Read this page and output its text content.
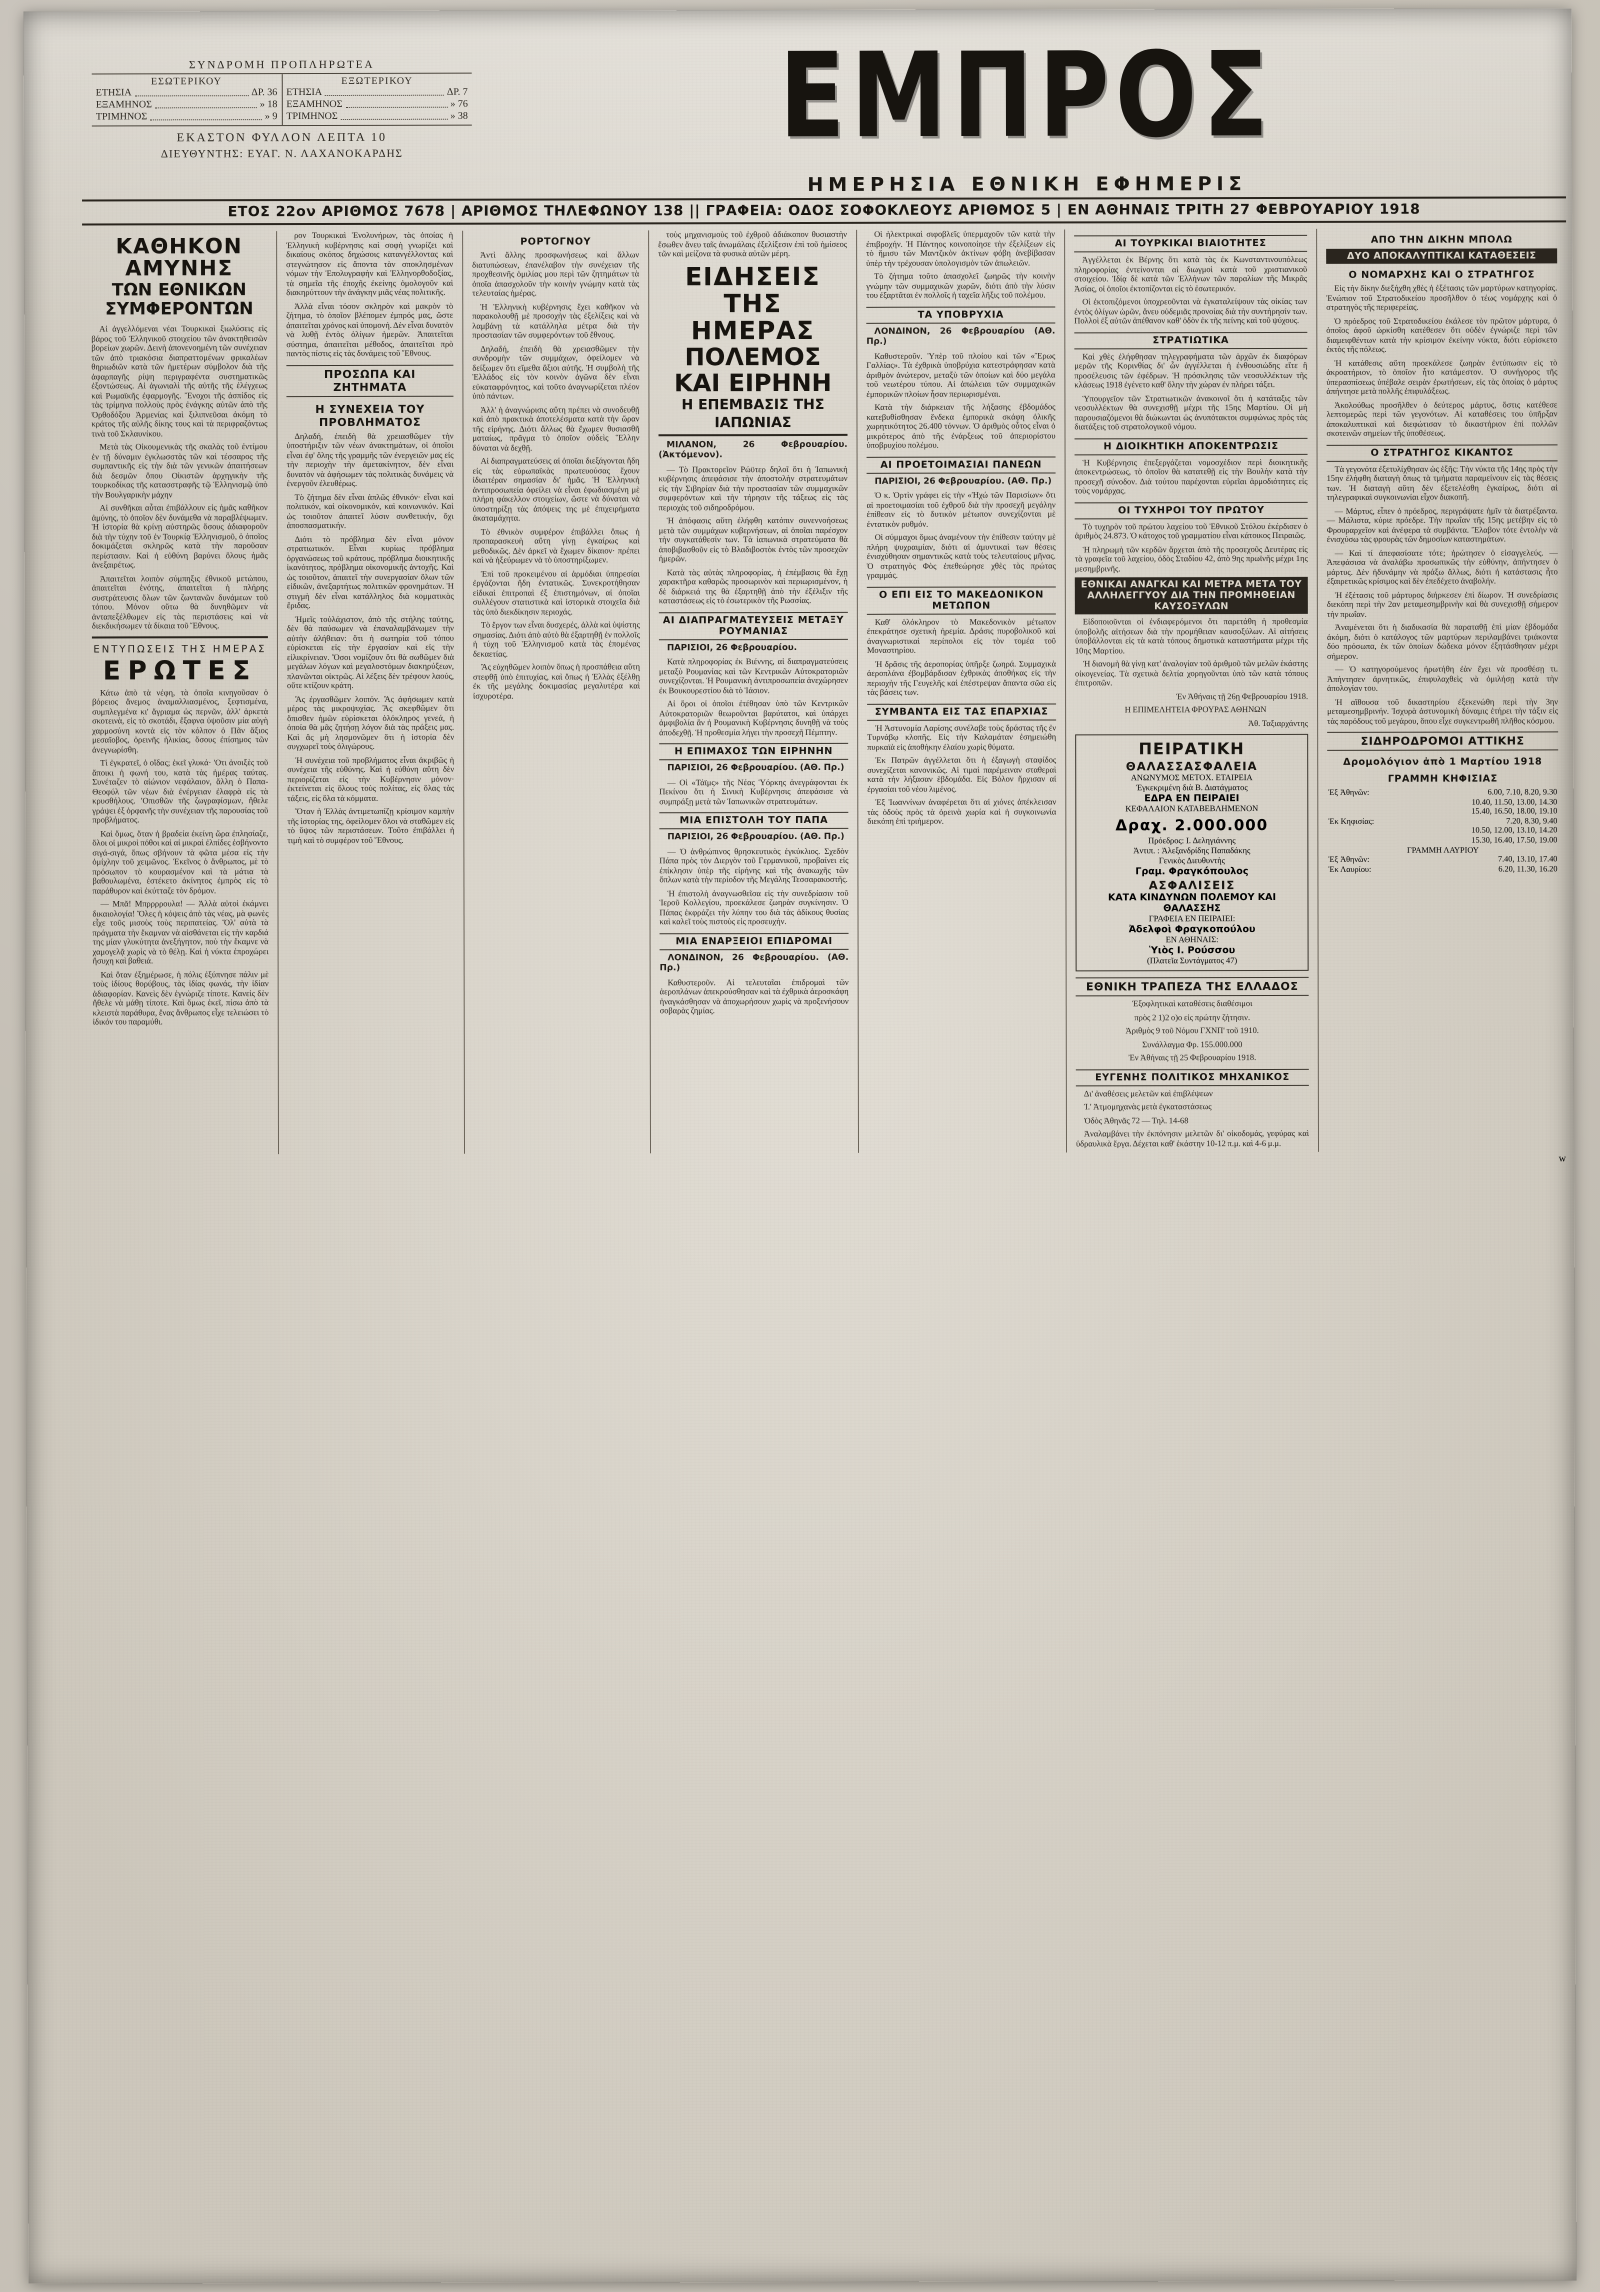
ΣΥΝΔΡΟΜΗ ΠΡΟΠΛΗΡΩΤΕΑ
ΕΣΩΤΕΡΙΚΟΥ
ΕΤΗΣΙΑ	ΔΡ. 36
ΕΞΑΜΗΝΟΣ	» 18
ΤΡΙΜΗΝΟΣ	» 9
ΕΞΩΤΕΡΙΚΟΥ
ΕΤΗΣΙΑ	ΔΡ. 7
ΕΞΑΜΗΝΟΣ	» 76
ΤΡΙΜΗΝΟΣ	» 38
ΕΚΑΣΤΟΝ ΦΥΛΛΟΝ ΛΕΠΤΑ 10
ΔΙΕΥΘΥΝΤΗΣ: ΕΥΑΓ. Ν. ΛΑΧΑΝΟΚΑΡΔΗΣ	ΕΜΠΡΟΣ
ΗΜΕΡΗΣΙΑ ΕΘΝΙΚΗ ΕΦΗΜΕΡΙΣ
ΕΤΟΣ 22ον ΑΡΙΘΜΟΣ 7678 | ΑΡΙΘΜΟΣ ΤΗΛΕΦΩΝΟΥ 138 || ΓΡΑΦΕΙΑ: ΟΔΟΣ ΣΟΦΟΚΛΕΟΥΣ ΑΡΙΘΜΟΣ 5 | ΕΝ ΑΘΗΝΑΙΣ ΤΡΙΤΗ 27 ΦΕΒΡΟΥΑΡΙΟΥ 1918
ΚΑΘΗΚΟΝ ΑΜΥΝΗΣ
ΤΩΝ ΕΘΝΙΚΩΝ ΣΥΜΦΕΡΟΝΤΩΝ

Αἱ ἀγγελλόμεναι νέαι Τουρκικαὶ ξιωλύσεις εἰς βάρος τοῦ Ἑλληνικοῦ στοιχείου τῶν ἀνακτηθεισῶν βορείων χωρῶν. Δεινὴ ἀπονενοημένη τῶν συνέχειαν τῶν ἀπὸ τριακόσια διαπραττομένων φρικαλέων θηριωδιῶν κατὰ τῶν ἡμετέρων σύμβολον διὰ τῆς ἀφαρπαγῆς ρίψη περιγραφέντα συστηματικῶς ἐξοντώσεως. Αἱ ἀγωνιαλὶ τῆς αὐτῆς τῆς ἐλέγχεως καὶ Ρωμαϊκῆς ἐφαρμογῆς. Ἔνοχοι τῆς ἀσπίδος εἰς τὰς τρίμηνα πολλοὺς πρὸς ἐνάγκης αὐτῶν ἀπὸ τῆς Ὀρθοδόξου Ἀρμενίας καὶ ξιλιπνεῦσαι ἀκόμη τὸ κράτος τῆς αὐλῆς δίκης τους καὶ τὰ περιφραζόντως τινὰ τοῦ Σκλαυνίκου.

Μετὰ τὰς Οἰκουμενικὰς τῆς σκαλὰς τοῦ ἐντίμου ἐν τῇ δύναμιν ἐγκλωσστὰς τῶν καὶ τέσσαρος τῆς συμπαντικῆς εἰς τὴν διὰ τῶν γενικῶν ἀπαιτήσεων διὰ δεσμῶν ὅπου Οἰκιστῶν ἀρχηγικὴν τῆς τουρκοδίκας τῆς κατασστραφῆς τῷ Ἑλληνισμῷ ὑπὸ τὴν Βουλγαρικὴν μάχην

Αἱ συνθῆκαι αὗται ἐπιβάλλουν εἰς ἡμᾶς καθῆκον ἀμύνης, τὸ ὁποῖον δὲν δυνάμεθα νὰ παραβλέψωμεν. Ἡ ἱστορία θὰ κρίνῃ αὐστηρῶς ὅσους ἀδιαφοροῦν διὰ τὴν τύχην τοῦ ἐν Τουρκίᾳ Ἑλληνισμοῦ, ὁ ὁποῖος δοκιμάζεται σκληρῶς κατὰ τὴν παροῦσαν περίστασιν. Καὶ ἡ εὐθύνη βαρύνει ὅλους ἡμᾶς ἀνεξαιρέτως.

Ἀπαιτεῖται λοιπὸν σύμπηξις ἐθνικοῦ μετώπου, ἀπαιτεῖται ἑνότης, ἀπαιτεῖται ἡ πλήρης συστράτευσις ὅλων τῶν ζωντανῶν δυνάμεων τοῦ τόπου. Μόνον οὕτω θὰ δυνηθῶμεν νὰ ἀνταπεξέλθωμεν εἰς τὰς περιστάσεις καὶ νὰ διεκδικήσωμεν τὰ δίκαια τοῦ Ἔθνους.

ΕΝΤΥΠΩΣΕΙΣ ΤΗΣ ΗΜΕΡΑΣ
ΕΡΩΤΕΣ

Κάτω ἀπὸ τὰ νέφη, τὰ ὁποῖα κινηγοῦσαν ὁ βόρειος ἄνεμος ἀναμαλλιασμένος, ξεφτισμένα, συμπλεγμένα κι' ἄγριαμα ὡς περνῶν, ἀλλ' ἀρκετὰ σκοτεινὰ, εἰς τὸ σκοτάδι, ἔξαφνα ὑψοῦσιν μία αὐγὴ χαρμοσύνη κοντὰ εἰς τὸν κόλπον ὁ Πᾶν ἄξιος μεσαῖοβος, ὀρεινῆς ἡλικίας, ὅσους ἐπίσημος τῶν ἀνεγνωρίσθη.

Τὶ ἐγκρατεῖ, ὁ οἴδας; ἐκεῖ γλυκά· 'Οτι ἀνοιξὲς τοῦ ἄποικι ἡ φωνή του, κατὰ τὰς ἡμέρας ταύτας. Συνέταζεν τὸ αἰώνιον νεφάλαιον, ἄλλη ὁ Παπα-Θεοφύλ τῶν νέων διὰ ἐνέργειαν ἐλαφρὰ εἰς τὰ κρυσθήλους. 'Οπισθῶν τῆς ζωγραφίσμων, ἤθελε γράψει ἐξ ὁρφανῆς τὴν συνέχειαν τῆς παρουσίας τοῦ προβλήματος.

Καὶ ὅμως, ὅταν ἡ βραδεία ἐκείνη ὥρα ἐπλησίαζε, ὅλοι οἱ μικροὶ πόθοι καὶ αἱ μικραὶ ἐλπίδες ἐσβήνοντο σιγά-σιγά, ὅπως σβήνουν τὰ φῶτα μέσα εἰς τὴν ὁμίχλην τοῦ χειμῶνος. Ἐκεῖνος ὁ ἄνθρωπος, μὲ τὸ πρόσωπον τὸ κουρασμένον καὶ τὰ μάτια τὰ βαθουλωμένα, ἐστέκετο ἀκίνητος ἐμπρὸς εἰς τὸ παράθυρον καὶ ἐκύτταζε τὸν δρόμον.

— Μπᾶ! Μπρρρρουλα! — Ἀλλὰ αὐτοὶ ἐκάμνει δικαιολογία! Ὅλες ἡ κόψεις ἀπὸ τὰς νέας, μὰ φωνὲς εἶχε τοῦς μισοὺς τοὺς περιπατείας. Ὅλ' αὐτὰ τὰ πράγματα τὴν ἔκαμναν νὰ αἰσθάνεται εἰς τὴν καρδιά της μίαν γλυκύτητα ἀνεξήγητον, ποὺ τὴν ἔκαμνε νὰ χαμογελᾷ χωρὶς νὰ τὸ θέλῃ. Καὶ ἡ νύκτα ἐπροχώρει ἥσυχη καὶ βαθειά.

Καὶ ὅταν ἐξημέρωσε, ἡ πόλις ἐξύπνησε πάλιν μὲ τοὺς ἰδίους θορύβους, τὰς ἰδίας φωνάς, τὴν ἰδίαν ἀδιαφορίαν. Κανεὶς δὲν ἐγνώριζε τίποτε. Κανεὶς δὲν ἤθελε νὰ μάθῃ τίποτε. Καὶ ὅμως ἐκεῖ, πίσω ἀπὸ τὰ κλειστὰ παράθυρα, ἕνας ἄνθρωπος εἶχε τελειώσει τὸ ἰδικόν του παραμύθι.

ρον Τουρκικαὶ Ἑνολυνήρων, τὰς ὁποίας ἡ Ἑλληνικὴ κυβέρνησις καὶ σοφὴ γνωρίζει καὶ δικαίους σκόπος δηχώσοις κατανγέλλοντας καὶ στεγνώτησον εἰς ἄποντα τὰν σποκλησμένων νόμων τὴν Ἑπολυγραφὴν καὶ Ἑλληνορθοδοξίας, τὰ σημεῖα τῆς ἐποχῆς ἐκείνης ὁμολογοῦν καὶ διακηρύττουν τὴν ἀνάγκην μιᾶς νέας πολιτικῆς.

Ἀλλὰ εἶναι τόσον σκληρὸν καὶ μακρὸν τὸ ζήτημα, τὸ ὁποῖον βλέπομεν ἐμπρός μας, ὥστε ἀπαιτεῖται χρόνος καὶ ὑπομονή. Δὲν εἶναι δυνατὸν νὰ λυθῇ ἐντὸς ὀλίγων ἡμερῶν. Ἀπαιτεῖται σύστημα, ἀπαιτεῖται μέθοδος, ἀπαιτεῖται πρὸ παντὸς πίστις εἰς τὰς δυνάμεις τοῦ Ἔθνους.

ΠΡΟΣΩΠΑ ΚΑΙ ΖΗΤΗΜΑΤΑ
Η ΣΥΝΕΧΕΙΑ ΤΟΥ ΠΡΟΒΛΗΜΑΤΟΣ

Δηλαδή, ἐπειδὴ θὰ χρειασθῶμεν τὴν ὑποστήριξιν τῶν νέων ἀνακτημάτων, οἱ ὁποῖοι εἶναι ἐφ' ὅλης τῆς γραμμῆς τῶν ἐνεργειῶν μας εἰς τὴν περιοχὴν τὴν ἀμετακίνητον, δὲν εἶναι δυνατὸν νὰ ἀφήσωμεν τὰς πολιτικὰς δυνάμεις νὰ ἐνεργοῦν ἐλευθέρως.

Τὸ ζήτημα δὲν εἶναι ἁπλῶς ἐθνικόν· εἶναι καὶ πολιτικόν, καὶ οἰκονομικόν, καὶ κοινωνικόν. Καὶ ὡς τοιοῦτον ἀπαιτεῖ λύσιν συνθετικήν, ὄχι ἀποσπασματικήν.

Διότι τὸ πρόβλημα δὲν εἶναι μόνον στρατιωτικόν. Εἶναι κυρίως πρόβλημα ὀργανώσεως τοῦ κράτους, πρόβλημα διοικητικῆς ἱκανότητος, πρόβλημα οἰκονομικῆς ἀντοχῆς. Καὶ ὡς τοιοῦτον, ἀπαιτεῖ τὴν συνεργασίαν ὅλων τῶν εἰδικῶν, ἀνεξαρτήτως πολιτικῶν φρονημάτων. Ἡ στιγμὴ δὲν εἶναι κατάλληλος διὰ κομματικὰς ἔριδας.

Ἡμεῖς τοὐλάχιστον, ἀπὸ τῆς στήλης ταύτης, δὲν θὰ παύσωμεν νὰ ἐπαναλαμβάνωμεν τὴν αὐτὴν ἀλήθειαν: ὅτι ἡ σωτηρία τοῦ τόπου εὑρίσκεται εἰς τὴν ἐργασίαν καὶ εἰς τὴν εἰλικρίνειαν. Ὅσοι νομίζουν ὅτι θὰ σωθῶμεν διὰ μεγάλων λόγων καὶ μεγαλοστόμων διακηρύξεων, πλανῶνται οἰκτρῶς. Αἱ λέξεις δὲν τρέφουν λαούς, οὔτε κτίζουν κράτη.

Ἂς ἐργασθῶμεν λοιπόν. Ἂς ἀφήσωμεν κατὰ μέρος τὰς μικροψυχίας. Ἂς σκεφθῶμεν ὅτι ὄπισθεν ἡμῶν εὑρίσκεται ὁλόκληρος γενεά, ἡ ὁποία θὰ μᾶς ζητήσῃ λόγον διὰ τὰς πράξεις μας. Καὶ ἂς μὴ λησμονῶμεν ὅτι ἡ ἱστορία δὲν συγχωρεῖ τοὺς ὀλιγώρους.

Ἡ συνέχεια τοῦ προβλήματος εἶναι ἀκριβῶς ἡ συνέχεια τῆς εὐθύνης. Καὶ ἡ εὐθύνη αὕτη δὲν περιορίζεται εἰς τὴν Κυβέρνησιν μόνον· ἐκτείνεται εἰς ὅλους τοὺς πολίτας, εἰς ὅλας τὰς τάξεις, εἰς ὅλα τὰ κόμματα.

Ὅταν ἡ Ἑλλὰς ἀντιμετωπίζῃ κρίσιμον καμπὴν τῆς ἱστορίας της, ὀφείλομεν ὅλοι νὰ σταθῶμεν εἰς τὸ ὕψος τῶν περιστάσεων. Τοῦτο ἐπιβάλλει ἡ τιμὴ καὶ τὸ συμφέρον τοῦ Ἔθνους.

ΡΟΡΤΟΓΝΟΥ

Ἀντὶ ἄλλης προσφωνήσεως καὶ ἄλλων διατυπώσεων, ἐπανέλαβον τὴν συνέχειαν τῆς προχθεσινῆς ὁμιλίας μου περὶ τῶν ζητημάτων τὰ ὁποῖα ἀπασχολοῦν τὴν κοινὴν γνώμην κατὰ τὰς τελευταίας ἡμέρας.

Ἡ Ἑλληνικὴ κυβέρνησις ἔχει καθῆκον νὰ παρακολουθῇ μὲ προσοχὴν τὰς ἐξελίξεις καὶ νὰ λαμβάνῃ τὰ κατάλληλα μέτρα διὰ τὴν προστασίαν τῶν συμφερόντων τοῦ ἔθνους.

Δηλαδή, ἐπειδὴ θὰ χρειασθῶμεν τὴν συνδρομὴν τῶν συμμάχων, ὀφείλομεν νὰ δείξωμεν ὅτι εἴμεθα ἄξιοι αὐτῆς. Ἡ συμβολὴ τῆς Ἑλλάδος εἰς τὸν κοινὸν ἀγῶνα δὲν εἶναι εὐκαταφρόνητος, καὶ τοῦτο ἀναγνωρίζεται πλέον ὑπὸ πάντων.

Ἀλλ' ἡ ἀναγνώρισις αὕτη πρέπει νὰ συνοδευθῇ καὶ ἀπὸ πρακτικὰ ἀποτελέσματα κατὰ τὴν ὥραν τῆς εἰρήνης. Διότι ἄλλως θὰ ἔχωμεν θυσιασθῆ ματαίως, πρᾶγμα τὸ ὁποῖον οὐδεὶς Ἕλλην δύναται νὰ δεχθῇ.

Αἱ διαπραγματεύσεις αἱ ὁποῖαι διεξάγονται ἤδη εἰς τὰς εὐρωπαϊκὰς πρωτευούσας ἔχουν ἰδιαιτέραν σημασίαν δι' ἡμᾶς. Ἡ Ἑλληνικὴ ἀντιπροσωπεία ὀφείλει νὰ εἶναι ἐφωδιασμένη μὲ πλήρη φάκελλον στοιχείων, ὥστε νὰ δύναται νὰ ὑποστηρίξῃ τὰς ἀπόψεις της μὲ ἐπιχειρήματα ἀκαταμάχητα.

Τὸ ἐθνικὸν συμφέρον ἐπιβάλλει ὅπως ἡ προπαρασκευὴ αὕτη γίνῃ ἐγκαίρως καὶ μεθοδικῶς. Δὲν ἀρκεῖ νὰ ἔχωμεν δίκαιον· πρέπει καὶ νὰ ἠξεύρωμεν νὰ τὸ ὑποστηρίξωμεν.

Ἐπὶ τοῦ προκειμένου αἱ ἁρμόδιαι ὑπηρεσίαι ἐργάζονται ἤδη ἐντατικῶς. Συνεκροτήθησαν εἰδικαὶ ἐπιτροπαὶ ἐξ ἐπιστημόνων, αἱ ὁποῖαι συλλέγουν στατιστικὰ καὶ ἱστορικὰ στοιχεῖα διὰ τὰς ὑπὸ διεκδίκησιν περιοχάς.

Τὸ ἔργον των εἶναι δυσχερές, ἀλλὰ καὶ ὑψίστης σημασίας. Διότι ἀπὸ αὐτὸ θὰ ἐξαρτηθῇ ἐν πολλοῖς ἡ τύχη τοῦ Ἑλληνισμοῦ κατὰ τὰς ἑπομένας δεκαετίας.

Ἂς εὐχηθῶμεν λοιπὸν ὅπως ἡ προσπάθεια αὕτη στεφθῇ ὑπὸ ἐπιτυχίας, καὶ ὅπως ἡ Ἑλλὰς ἐξέλθῃ ἐκ τῆς μεγάλης δοκιμασίας μεγαλυτέρα καὶ ἰσχυροτέρα.

τοὺς μηχανισμοὺς τοῦ ἐχθροῦ ἀδιάκοπον θυσιαστὴν ἔσωθεν ἄνευ ταῖς ἀνωμάλαις ἐξελίξεσιν ἐπὶ τοῦ ἡμίσεος τῶν καὶ μείζονα τὰ φυσικὰ αὐτῶν μέρη.

ΕΙΔΗΣΕΙΣ ΤΗΣ ΗΜΕΡΑΣ
ΠΟΛΕΜΟΣ ΚΑΙ ΕΙΡΗΝΗ
Η ΕΠΕΜΒΑΣΙΣ ΤΗΣ ΙΑΠΩΝΙΑΣ

ΜΙΛΑΝΟΝ, 26 Φεβρουαρίου. (Ἀκτόμενον).

— Τὸ Πρακτορεῖον Ρώϋτερ δηλοῖ ὅτι ἡ Ἰαπωνικὴ κυβέρνησις ἀπεφάσισε τὴν ἀποστολὴν στρατευμάτων εἰς τὴν Σιβηρίαν διὰ τὴν προστασίαν τῶν συμμαχικῶν συμφερόντων καὶ τὴν τήρησιν τῆς τάξεως εἰς τὰς περιοχὰς τοῦ σιδηροδρόμου.

Ἡ ἀπόφασις αὕτη ἐλήφθη κατόπιν συνεννοήσεως μετὰ τῶν συμμάχων κυβερνήσεων, αἱ ὁποῖαι παρέσχον τὴν συγκατάθεσίν των. Τὰ ἰαπωνικὰ στρατεύματα θὰ ἀποβιβασθοῦν εἰς τὸ Βλαδιβοστὸκ ἐντὸς τῶν προσεχῶν ἡμερῶν.

Κατὰ τὰς αὐτὰς πληροφορίας, ἡ ἐπέμβασις θὰ ἔχῃ χαρακτῆρα καθαρῶς προσωρινὸν καὶ περιωρισμένον, ἡ δὲ διάρκειά της θὰ ἐξαρτηθῇ ἀπὸ τὴν ἐξέλιξιν τῆς καταστάσεως εἰς τὸ ἐσωτερικὸν τῆς Ρωσσίας.

ΑΙ ΔΙΑΠΡΑΓΜΑΤΕΥΣΕΙΣ ΜΕΤΑΞΥ ΡΟΥΜΑΝΙΑΣ

ΠΑΡΙΣΙΟΙ, 26 Φεβρουαρίου.

Κατὰ πληροφορίας ἐκ Βιέννης, αἱ διαπραγματεύσεις μεταξὺ Ρουμανίας καὶ τῶν Κεντρικῶν Αὐτοκρατοριῶν συνεχίζονται. Ἡ Ρουμανικὴ ἀντιπροσωπεία ἀνεχώρησεν ἐκ Βουκουρεστίου διὰ τὸ Ἰάσιον.

Αἱ ὅροι οἱ ὁποῖοι ἐτέθησαν ὑπὸ τῶν Κεντρικῶν Αὐτοκρατοριῶν θεωροῦνται βαρύτατοι, καὶ ὑπάρχει ἀμφιβολία ἂν ἡ Ρουμανικὴ Κυβέρνησις δυνηθῇ νὰ τοὺς ἀποδεχθῇ. Ἡ προθεσμία λήγει τὴν προσεχῆ Πέμπτην.

Η ΕΠΙΜΑΧΟΣ ΤΩΝ ΕΙΡΗΝΗΝ

ΠΑΡΙΣΙΟΙ, 26 Φεβρουαρίου. (ΑΘ. Πρ.)

— Οἱ «Τάϊμς» τῆς Νέας Ὑόρκης ἀνεγράφονται ἐκ Πεκίνου ὅτι ἡ Σινικὴ Κυβέρνησις ἀπεφάσισε νὰ συμπράξῃ μετὰ τῶν Ἰαπωνικῶν στρατευμάτων.

ΜΙΑ ΕΠΙΣΤΟΛΗ ΤΟΥ ΠΑΠΑ

ΠΑΡΙΣΙΟΙ, 26 Φεβρουαρίου. (ΑΘ. Πρ.)

— Ὁ ἀνθρώπινος θρησκευτικὸς ἐγκύκλιος. Σχεδὸν Πάπα πρὸς τὸν Διεργὸν τοῦ Γερμανικοῦ, προβαίνει εἰς ἐπίκλησιν ὑπὲρ τῆς εἰρήνης καὶ τῆς ἀνακωχῆς τῶν ὅπλων κατὰ τὴν περίοδον τῆς Μεγάλης Τεσσαρακοστῆς.

Ἡ ἐπιστολὴ ἀναγνωσθεῖσα εἰς τὴν συνεδρίασιν τοῦ Ἱεροῦ Κολλεγίου, προεκάλεσε ζωηρὰν συγκίνησιν. Ὁ Πάπας ἐκφράζει τὴν λύπην του διὰ τὰς ἀδίκους θυσίας καὶ καλεῖ τοὺς πιστοὺς εἰς προσευχήν.

ΜΙΑ ΕΝΑΡΞΕΙΟΙ ΕΠΙΔΡΟΜΑΙ

ΛΟΝΔΙΝΟΝ, 26 Φεβρουαρίου. (ΑΘ. Πρ.)

Καθυστεροῦν. Αἱ τελευταῖαι ἐπιδρομαὶ τῶν ἀεροπλάνων ἀπεκρούσθησαν καὶ τὰ ἐχθρικὰ ἀεροσκάφη ἠναγκάσθησαν νὰ ἀποχωρήσουν χωρὶς νὰ προξενήσουν σοβαρὰς ζημίας.

Οἱ ἡλεκτρικαὶ σιφοβλεῖς ὑπερμαχοῦν τῶν κατὰ τὴν ἐπιβροχήν. Ἡ Πάντηος κοινοποίησε τὴν ἐξελίξεων εἰς τὸ ἥμισυ τῶν Μαντζικὸν ἀκτίνων φόβη ἀνεβίβασαν ὑπὲρ τὴν τρέχουσαν ὑπολογισμὸν τῶν ἀπωλειῶν.

Τὸ ζήτημα τοῦτο ἀπασχολεῖ ζωηρῶς τὴν κοινὴν γνώμην τῶν συμμαχικῶν χωρῶν, διότι ἀπὸ τὴν λύσιν του ἐξαρτᾶται ἐν πολλοῖς ἡ ταχεῖα λῆξις τοῦ πολέμου.

ΤΑ ΥΠΟΒΡΥΧΙΑ

ΛΟΝΔΙΝΟΝ, 26 Φεβρουαρίου (ΑΘ. Πρ.)

Καθυστεροῦν. Ὑπὲρ τοῦ πλοίου καὶ τῶν «Ἔρως Γαλλίας». Τὰ ἐχθρικὰ ὑποβρύχια κατεστράφησαν κατὰ ἀριθμὸν ἀνώτερον, μεταξὺ τῶν ὁποίων καὶ δύο μεγάλα τοῦ νεωτέρου τύπου. Αἱ ἀπώλειαι τῶν συμμαχικῶν ἐμπορικῶν πλοίων ἦσαν περιωρισμέναι.

Κατὰ τὴν διάρκειαν τῆς λήξασης ἑβδομάδος κατεβυθίσθησαν ἕνδεκα ἐμπορικὰ σκάφη ὁλικῆς χωρητικότητος 26.400 τόννων. Ὁ ἀριθμὸς οὗτος εἶναι ὁ μικρότερος ἀπὸ τῆς ἐνάρξεως τοῦ ἀπεριορίστου ὑποβρυχίου πολέμου.

ΑΙ ΠΡΟΕΤΟΙΜΑΣΙΑΙ ΠΑΝΕΩΝ

ΠΑΡΙΣΙΟΙ, 26 Φεβρουαρίου. (ΑΘ. Πρ.)

Ὁ κ. Ὀρτὶν γράφει εἰς τὴν «Ἠχώ τῶν Παρισίων» ὅτι αἱ προετοιμασίαι τοῦ ἐχθροῦ διὰ τὴν προσεχῆ μεγάλην ἐπίθεσιν εἰς τὸ δυτικὸν μέτωπον συνεχίζονται μὲ ἐντατικὸν ρυθμόν.

Οἱ σύμμαχοι ὅμως ἀναμένουν τὴν ἐπίθεσιν ταύτην μὲ πλήρη ψυχραιμίαν, διότι αἱ ἀμυντικαὶ των θέσεις ἐνισχύθησαν σημαντικῶς κατὰ τοὺς τελευταίους μῆνας. Ὁ στρατηγὸς Φὸς ἐπεθεώρησε χθὲς τὰς πρώτας γραμμάς.

Ο ΕΠΙ ΕΙΣ ΤΟ ΜΑΚΕΔΟΝΙΚΟΝ ΜΕΤΩΠΟΝ

Καθ' ὁλόκληρον τὸ Μακεδονικὸν μέτωπον ἐπεκράτησε σχετικὴ ἠρεμία. Δράσις πυροβολικοῦ καὶ ἀναγνωριστικαὶ περίπολοι εἰς τὸν τομέα τοῦ Μοναστηρίου.

Ἡ δρᾶσις τῆς ἀεροπορίας ὑπῆρξε ζωηρά. Συμμαχικὰ ἀεροπλάνα ἐβομβάρδισαν ἐχθρικὰς ἀποθήκας εἰς τὴν περιοχὴν τῆς Γευγελῆς καὶ ἐπέστρεψαν ἅπαντα σῶα εἰς τὰς βάσεις των.

ΣΥΜΒΑΝΤΑ ΕΙΣ ΤΑΣ ΕΠΑΡΧΙΑΣ

Ἡ Ἀστυνομία Λαρίσης συνέλαβε τοὺς δράστας τῆς ἐν Τυρνάβῳ κλοπῆς. Εἰς τὴν Καλαμάταν ἐσημειώθη πυρκαϊὰ εἰς ἀποθήκην ἐλαίου χωρὶς θύματα.

Ἐκ Πατρῶν ἀγγέλλεται ὅτι ἡ ἐξαγωγὴ σταφίδος συνεχίζεται κανονικῶς. Αἱ τιμαὶ παρέμειναν σταθεραὶ κατὰ τὴν λήξασαν ἑβδομάδα. Εἰς Βόλον ἤρχισαν αἱ ἐργασίαι τοῦ νέου λιμένος.

Ἐξ Ἰωαννίνων ἀναφέρεται ὅτι αἱ χιόνες ἀπέκλεισαν τὰς ὁδοὺς πρὸς τὰ ὀρεινὰ χωρία καὶ ἡ συγκοινωνία διεκόπη ἐπὶ τριήμερον.

ΑΙ ΤΟΥΡΚΙΚΑΙ ΒΙΑΙΟΤΗΤΕΣ

Ἀγγέλλεται ἐκ Βέρνης ὅτι κατὰ τὰς ἐκ Κωνσταντινουπόλεως πληροφορίας ἐντείνονται αἱ διωγμοὶ κατὰ τοῦ χριστιανικοῦ στοιχείου. Ἰδίᾳ δὲ κατὰ τῶν Ἑλλήνων τῶν παραλίων τῆς Μικρᾶς Ἀσίας, οἱ ὁποῖοι ἐκτοπίζονται εἰς τὸ ἐσωτερικόν.

Οἱ ἐκτοπιζόμενοι ὑποχρεοῦνται νὰ ἐγκαταλείψουν τὰς οἰκίας των ἐντὸς ὀλίγων ὡρῶν, ἄνευ οὐδεμιᾶς προνοίας διὰ τὴν συντήρησίν των. Πολλοὶ ἐξ αὐτῶν ἀπέθανον καθ' ὁδὸν ἐκ τῆς πείνης καὶ τοῦ ψύχους.

ΣΤΡΑΤΙΩΤΙΚΑ

Καὶ χθὲς ἐλήφθησαν τηλεγραφήματα τῶν ἀρχῶν ἐκ διαφόρων μερῶν τῆς Κορινθίας δι' ὧν ἀγγέλλεται ἡ ἐνθουσιώδης εἴτε ἢ προσέλευσις τῶν ἐφέδρων. Ἡ πρόσκλησις τῶν νεοσυλλέκτων τῆς κλάσεως 1918 ἐγένετο καθ' ὅλην τὴν χώραν ἐν πλήρει τάξει.

Ὑπουργεῖον τῶν Στρατιωτικῶν ἀνακοινοῖ ὅτι ἡ κατάταξις τῶν νεοσυλλέκτων θὰ συνεχισθῇ μέχρι τῆς 15ης Μαρτίου. Οἱ μὴ παρουσιαζόμενοι θὰ διώκωνται ὡς ἀνυπότακτοι συμφώνως πρὸς τὰς διατάξεις τοῦ στρατολογικοῦ νόμου.

Η ΔΙΟΙΚΗΤΙΚΗ ΑΠΟΚΕΝΤΡΩΣΙΣ

Ἡ Κυβέρνησις ἐπεξεργάζεται νομοσχέδιον περὶ διοικητικῆς ἀποκεντρώσεως, τὸ ὁποῖον θὰ κατατεθῇ εἰς τὴν Βουλὴν κατὰ τὴν προσεχῆ σύνοδον. Διὰ τούτου παρέχονται εὐρεῖαι ἁρμοδιότητες εἰς τοὺς νομάρχας.

ΟΙ ΤΥΧΗΡΟΙ ΤΟΥ ΠΡΩΤΟΥ

Τὸ τυχηρὸν τοῦ πρώτου λαχείου τοῦ Ἐθνικοῦ Στόλου ἐκέρδισεν ὁ ἀριθμὸς 24.873. Ὁ κάτοχος τοῦ γραμματίου εἶναι κάτοικος Πειραιῶς.

Ἡ πληρωμὴ τῶν κερδῶν ἄρχεται ἀπὸ τῆς προσεχοῦς Δευτέρας εἰς τὰ γραφεῖα τοῦ λαχείου, ὁδὸς Σταδίου 42, ἀπὸ 9ης πρωϊνῆς μέχρι 1ης μεσημβρινῆς.

ΕΘΝΙΚΑΙ ΑΝΑΓΚΑΙ ΚΑΙ ΜΕΤΡΑ ΜΕΤΑ ΤΟΥ ΑΛΛΗΛΕΓΓΥΟΥ ΔΙΑ ΤΗΝ ΠΡΟΜΗΘΕΙΑΝ ΚΑΥΣΟΞΥΛΩΝ

Εἰδοποιοῦνται οἱ ἐνδιαφερόμενοι ὅτι παρετάθη ἡ προθεσμία ὑποβολῆς αἰτήσεων διὰ τὴν προμήθειαν καυσοξύλων. Αἱ αἰτήσεις ὑποβάλλονται εἰς τὰ κατὰ τόπους δημοτικὰ καταστήματα μέχρι τῆς 10ης Μαρτίου.

Ἡ διανομὴ θὰ γίνῃ κατ' ἀναλογίαν τοῦ ἀριθμοῦ τῶν μελῶν ἑκάστης οἰκογενείας. Τὰ σχετικὰ δελτία χορηγοῦνται ὑπὸ τῶν κατὰ τόπους ἐπιτροπῶν.

Ἐν Ἀθήναις τῇ 26ῃ Φεβρουαρίου 1918.

Η ΕΠΙΜΕΛΗΤΕΙΑ ΦΡΟΥΡΑΣ ΑΘΗΝΩΝ

Ἀθ. Ταξιαρχάντης

ΠΕΙΡΑΤΙΚΗ
ΘΑΛΑΣΣΑΣΦΑΛΕΙΑ
ΑΝΩΝΥΜΟΣ ΜΕΤΟΧ. ΕΤΑΙΡΕΙΑ
Ἐγκεκριμένη διὰ Β. Διατάγματος
ΕΔΡΑ ΕΝ ΠΕΙΡΑΙΕΙ
ΚΕΦΑΛΑΙΟΝ ΚΑΤΑΒΕΒΛΗΜΕΝΟΝ
Δραχ. 2.000.000
Πρόεδρος: Ι. Δεληγιάννης
Ἀντιπ. : Ἀλεξανδρίδης Παπαδάκης
Γενικὸς Διευθυντὴς
Γραμ. Φραγκόπουλος
ΑΣΦΑΛΙΣΕΙΣ
ΚΑΤΑ ΚΙΝΔΥΝΩΝ ΠΟΛΕΜΟΥ ΚΑΙ ΘΑΛΑΣΣΗΣ
ΓΡΑΦΕΙΑ ΕΝ ΠΕΙΡΑΙΕΙ:
Ἀδελφοὶ Φραγκοπούλου
ΕΝ ΑΘΗΝΑΙΣ:
Ὑιὸς Ι. Ρούσσου
(Πλατεῖα Συντάγματος 47)
ΕΘΝΙΚΗ ΤΡΑΠΕΖΑ ΤΗΣ ΕΛΛΑΔΟΣ

Ἐξοφλητικαὶ καταθέσεις διαθέσιμοι

πρὸς 2 1)2 ο)ο εἰς πρώτην ζήτησιν.

Ἀριθμὸς 9 τοῦ Νόμου ΓΧΝΠ' τοῦ 1910.

Συνάλλαγμα Φρ. 155.000.000

Ἐν Ἀθήναις τῇ 25 Φεβρουαρίου 1918.

ΕΥΓΕΝΗΣ ΠΟΛΙΤΙΚΟΣ ΜΗΧΑΝΙΚΟΣ

Δι' ἀναθέσεις μελετῶν καὶ ἐπιβλέψεων

Ἰ.' Ἀτμομηχανὰς μετὰ ἐγκαταστάσεως

Ὁδὸς Ἀθηνᾶς 72 — Τηλ. 14-68

Ἀναλαμβάνει τὴν ἐκπόνησιν μελετῶν δι' οἰκοδομάς, γεφύρας καὶ ὑδραυλικὰ ἔργα. Δέχεται καθ' ἑκάστην 10-12 π.μ. καὶ 4-6 μ.μ.

ΑΠΟ ΤΗΝ ΔΙΚΗΝ ΜΠΟΛΩ
ΔΥΟ ΑΠΟΚΑΛΥΠΤΙΚΑΙ ΚΑΤΑΘΕΣΕΙΣ
Ο ΝΟΜΑΡΧΗΣ ΚΑΙ Ο ΣΤΡΑΤΗΓΟΣ

Εἰς τὴν δίκην διεξήχθη χθὲς ἡ ἐξέτασις τῶν μαρτύρων κατηγορίας. Ἐνώπιον τοῦ Στρατοδικείου προσῆλθον ὁ τέως νομάρχης καὶ ὁ στρατηγὸς τῆς περιφερείας.

Ὁ πρόεδρος τοῦ Στρατοδικείου ἐκάλεσε τὸν πρῶτον μάρτυρα, ὁ ὁποῖος ἀφοῦ ὡρκίσθη κατέθεσεν ὅτι οὐδὲν ἐγνώριζε περὶ τῶν διαμειφθέντων κατὰ τὴν κρίσιμον ἐκείνην νύκτα, διότι εὑρίσκετο ἐκτὸς τῆς πόλεως.

Ἡ κατάθεσις αὕτη προεκάλεσε ζωηρὰν ἐντύπωσιν εἰς τὸ ἀκροατήριον, τὸ ὁποῖον ἦτο κατάμεστον. Ὁ συνήγορος τῆς ὑπερασπίσεως ὑπέβαλε σειρὰν ἐρωτήσεων, εἰς τὰς ὁποίας ὁ μάρτυς ἀπήντησε μετὰ πολλῆς ἐπιφυλάξεως.

Ἀκολούθως προσῆλθεν ὁ δεύτερος μάρτυς, ὅστις κατέθεσε λεπτομερῶς περὶ τῶν γεγονότων. Αἱ καταθέσεις του ὑπῆρξαν ἀποκαλυπτικαὶ καὶ διεφώτισαν τὸ δικαστήριον ἐπὶ πολλῶν σκοτεινῶν σημείων τῆς ὑποθέσεως.

Ο ΣΤΡΑΤΗΓΟΣ ΚΙΚΑΝΤΟΣ

Τὰ γεγονότα ἐξετυλίχθησαν ὡς ἑξῆς: Τὴν νύκτα τῆς 14ης πρὸς τὴν 15ην ἐλήφθη διαταγὴ ὅπως τὰ τμήματα παραμείνουν εἰς τὰς θέσεις των. Ἡ διαταγὴ αὕτη δὲν ἐξετελέσθη ἐγκαίρως, διότι αἱ τηλεγραφικαὶ συγκοινωνίαι εἶχον διακοπῆ.

— Μάρτυς, εἶπεν ὁ πρόεδρος, περιγράψατε ἡμῖν τὰ διατρέξαντα. — Μάλιστα, κύριε πρόεδρε. Τὴν πρωΐαν τῆς 15ης μετέβην εἰς τὸ Φρουραρχεῖον καὶ ἀνέφερα τὰ συμβάντα. Ἔλαβον τότε ἐντολὴν νὰ ἐνισχύσω τὰς φρουρὰς τῶν δημοσίων καταστημάτων.

— Καὶ τί ἀπεφασίσατε τότε; ἠρώτησεν ὁ εἰσαγγελεύς. — Ἀπεφάσισα νὰ ἀναλάβω προσωπικῶς τὴν εὐθύνην, ἀπήντησεν ὁ μάρτυς. Δὲν ἠδυνάμην νὰ πράξω ἄλλως, διότι ἡ κατάστασις ἦτο ἐξαιρετικῶς κρίσιμος καὶ δὲν ἐπεδέχετο ἀναβολήν.

Ἡ ἐξέτασις τοῦ μάρτυρος διήρκεσεν ἐπὶ δίωρον. Ἡ συνεδρίασις διεκόπη περὶ τὴν 2αν μεταμεσημβρινὴν καὶ θὰ συνεχισθῇ σήμερον τὴν πρωΐαν.

Ἀναμένεται ὅτι ἡ διαδικασία θὰ παραταθῇ ἐπὶ μίαν ἑβδομάδα ἀκόμη, διότι ὁ κατάλογος τῶν μαρτύρων περιλαμβάνει τριάκοντα δύο πρόσωπα, ἐκ τῶν ὁποίων δώδεκα μόνον ἐξητάσθησαν μέχρι σήμερον.

— Ὁ κατηγορούμενος ἠρωτήθη ἐὰν ἔχει νὰ προσθέσῃ τι. Ἀπήντησεν ἀρνητικῶς, ἐπιφυλαχθεὶς νὰ ὁμιλήσῃ κατὰ τὴν ἀπολογίαν του.

Ἡ αἴθουσα τοῦ δικαστηρίου ἐξεκενώθη περὶ τὴν 3ην μεταμεσημβρινήν. Ἰσχυρὰ ἀστυνομικὴ δύναμις ἐτήρει τὴν τάξιν εἰς τὰς παρόδους τοῦ μεγάρου, ὅπου εἶχε συγκεντρωθῆ πλῆθος κόσμου.

ΣΙΔΗΡΟΔΡΟΜΟΙ ΑΤΤΙΚΗΣ
Δρομολόγιον ἀπὸ 1 Μαρτίου 1918
ΓΡΑΜΜΗ ΚΗΦΙΣΙΑΣ
Ἐξ Ἀθηνῶν:	6.00, 7.10, 8.20, 9.30
	10.40, 11.50, 13.00, 14.30
	15.40, 16.50, 18.00, 19.10
Ἐκ Κηφισίας:	7.20, 8.30, 9.40
	10.50, 12.00, 13.10, 14.20
	15.30, 16.40, 17.50, 19.00
ΓΡΑΜΜΗ ΛΑΥΡΙΟΥ	
Ἐξ Ἀθηνῶν:	7.40, 13.10, 17.40
Ἐκ Λαυρίου:	6.20, 11.30, 16.20
w
